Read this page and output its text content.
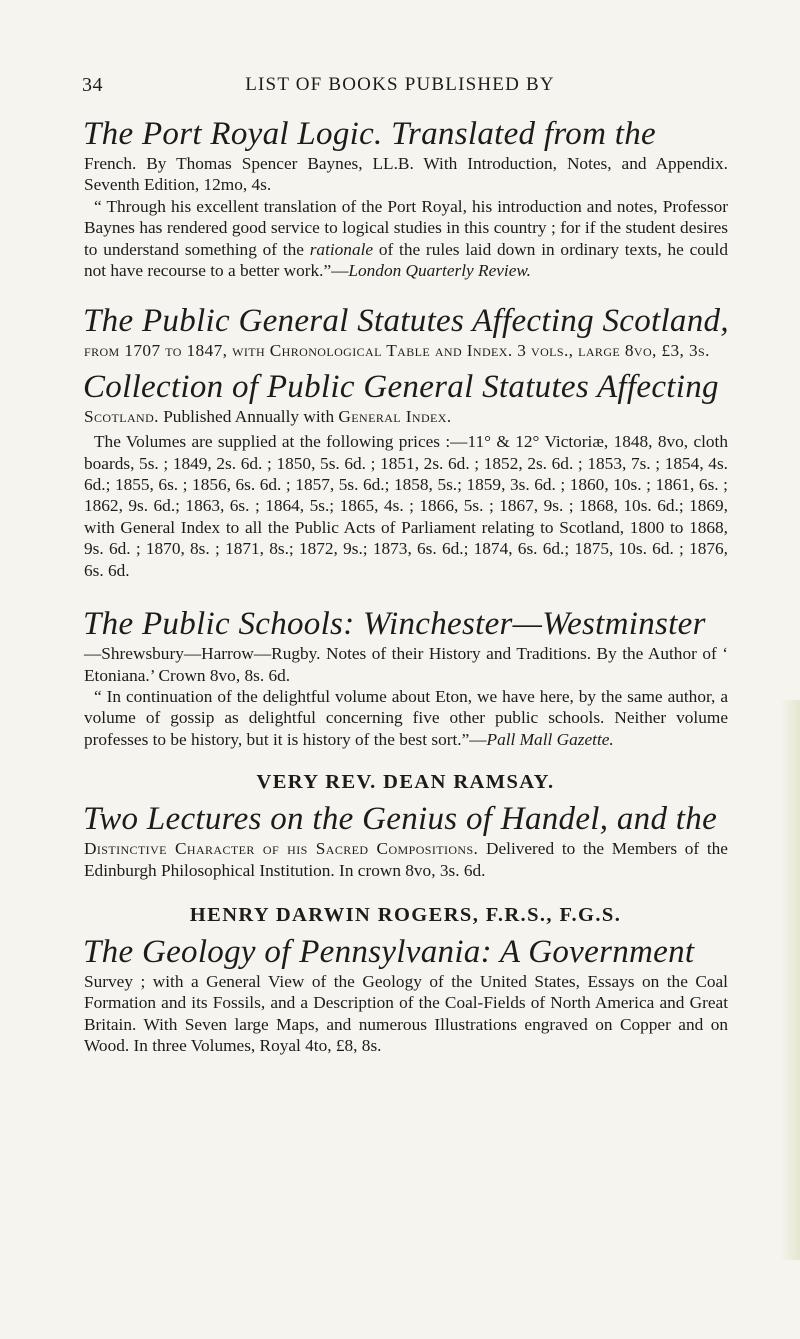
34	LIST OF BOOKS PUBLISHED BY
The Port Royal Logic. Translated from the

French. By Thomas Spencer Baynes, LL.B. With Introduction, Notes, and Appendix. Seventh Edition, 12mo, 4s.

“ Through his excellent translation of the Port Royal, his introduction and notes, Professor Baynes has rendered good service to logical studies in this country ; for if the student desires to understand something of the rationale of the rules laid down in ordinary texts, he could not have recourse to a better work.”—London Quarterly Review.

The Public General Statutes Affecting Scotland,

from 1707 to 1847, with Chronological Table and Index. 3 vols., large 8vo, £3, 3s.

Collection of Public General Statutes Affecting

Scotland. Published Annually with General Index.

The Volumes are supplied at the following prices :—11° & 12° Victoriæ, 1848, 8vo, cloth boards, 5s. ; 1849, 2s. 6d. ; 1850, 5s. 6d. ; 1851, 2s. 6d. ; 1852, 2s. 6d. ; 1853, 7s. ; 1854, 4s. 6d.; 1855, 6s. ; 1856, 6s. 6d. ; 1857, 5s. 6d.; 1858, 5s.; 1859, 3s. 6d. ; 1860, 10s. ; 1861, 6s. ; 1862, 9s. 6d.; 1863, 6s. ; 1864, 5s.; 1865, 4s. ; 1866, 5s. ; 1867, 9s. ; 1868, 10s. 6d.; 1869, with General Index to all the Public Acts of Parliament relating to Scotland, 1800 to 1868, 9s. 6d. ; 1870, 8s. ; 1871, 8s.; 1872, 9s.; 1873, 6s. 6d.; 1874, 6s. 6d.; 1875, 10s. 6d. ; 1876, 6s. 6d.

The Public Schools: Winchester—Westminster

—Shrewsbury—Harrow—Rugby. Notes of their History and Traditions. By the Author of ‘ Etoniana.’ Crown 8vo, 8s. 6d.

“ In continuation of the delightful volume about Eton, we have here, by the same author, a volume of gossip as delightful concerning five other public schools. Neither volume professes to be history, but it is history of the best sort.”—Pall Mall Gazette.

VERY REV. DEAN RAMSAY.
Two Lectures on the Genius of Handel, and the

Distinctive Character of his Sacred Compositions. Delivered to the Members of the Edinburgh Philosophical Institution. In crown 8vo, 3s. 6d.

HENRY DARWIN ROGERS, F.R.S., F.G.S.
The Geology of Pennsylvania: A Government

Survey ; with a General View of the Geology of the United States, Essays on the Coal Formation and its Fossils, and a Description of the Coal-Fields of North America and Great Britain. With Seven large Maps, and numerous Illustrations engraved on Copper and on Wood. In three Volumes, Royal 4to, £8, 8s.
